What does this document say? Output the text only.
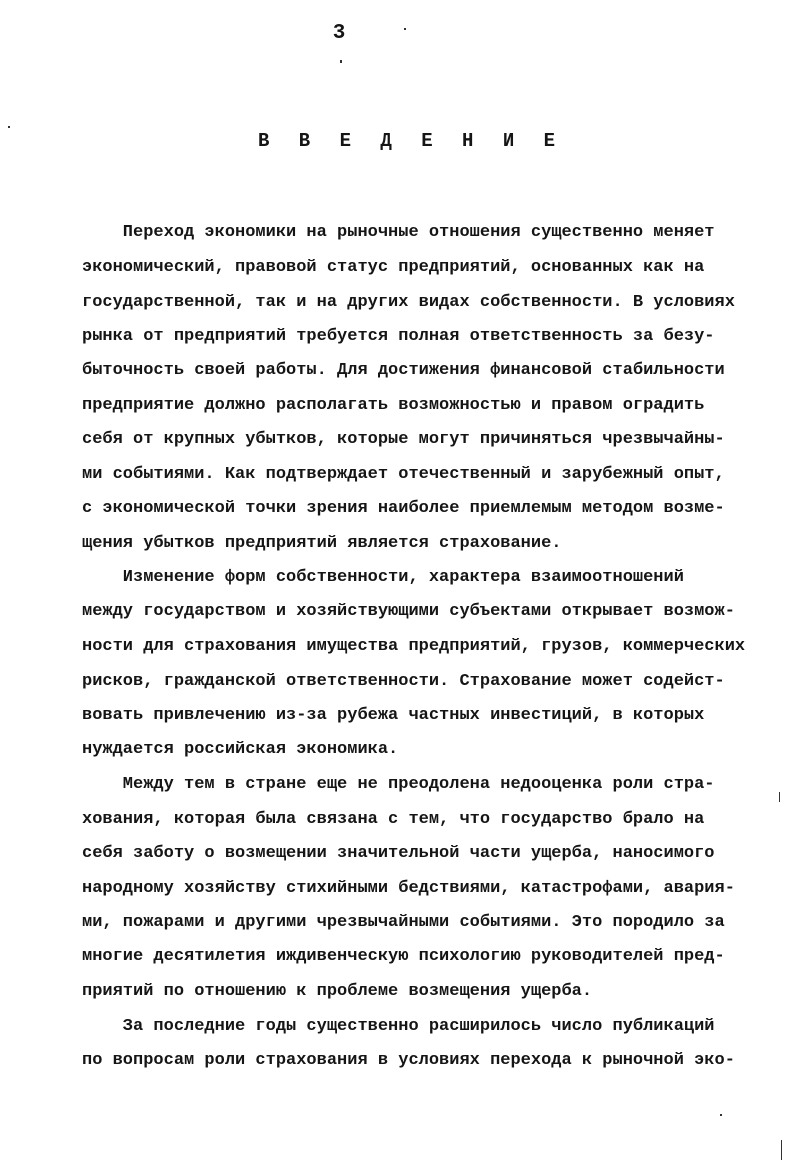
3
В В Е Д Е Н И Е
Переход экономики на рыночные отношения существенно меняет
экономический, правовой статус предприятий, основанных как на
государственной, так и на других видах собственности. В условиях
рынка от предприятий требуется полная ответственность за безу-
быточность своей работы. Для достижения финансовой стабильности
предприятие должно располагать возможностью и правом оградить
себя от крупных убытков, которые могут причиняться чрезвычайны-
ми событиями. Как подтверждает отечественный и зарубежный опыт,
с экономической точки зрения наиболее приемлемым методом возме-
щения убытков предприятий является страхование.
Изменение форм собственности, характера взаимоотношений
между государством и хозяйствующими субъектами открывает возмож-
ности для страхования имущества предприятий, грузов, коммерческих
рисков, гражданской ответственности. Страхование может содейст-
вовать привлечению из-за рубежа частных инвестиций, в которых
нуждается российская экономика.
Между тем в стране еще не преодолена недооценка роли стра-
хования, которая была связана с тем, что государство брало на
себя заботу о возмещении значительной части ущерба, наносимого
народному хозяйству стихийными бедствиями, катастрофами, авария-
ми, пожарами и другими чрезвычайными событиями. Это породило за
многие десятилетия иждивенческую психологию руководителей пред-
приятий по отношению к проблеме возмещения ущерба.
За последние годы существенно расширилось число публикаций
по вопросам роли страхования в условиях перехода к рыночной эко-
